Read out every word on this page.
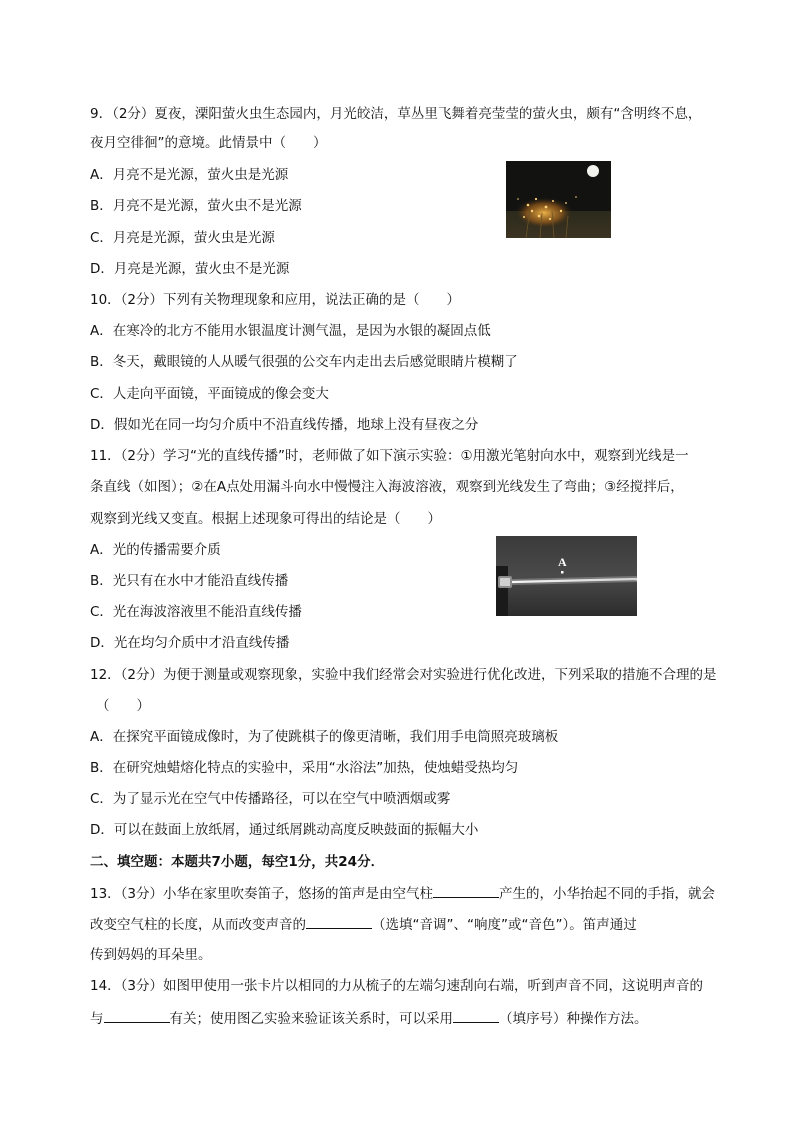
9．（2分）夏夜，溧阳萤火虫生态园内，月光皎洁，草丛里飞舞着亮莹莹的萤火虫，颇有“含明终不息，
夜月空徘徊”的意境。此情景中（　　）
A．月亮不是光源，萤火虫是光源
B．月亮不是光源，萤火虫不是光源
C．月亮是光源，萤火虫是光源
D．月亮是光源，萤火虫不是光源
10．（2分）下列有关物理现象和应用，说法正确的是（　　）
A．在寒冷的北方不能用水银温度计测气温，是因为水银的凝固点低
B．冬天，戴眼镜的人从暖气很强的公交车内走出去后感觉眼睛片模糊了
C．人走向平面镜，平面镜成的像会变大
D．假如光在同一均匀介质中不沿直线传播，地球上没有昼夜之分
11．（2分）学习“光的直线传播”时，老师做了如下演示实验：①用激光笔射向水中，观察到光线是一
条直线（如图）；②在A点处用漏斗向水中慢慢注入海波溶液，观察到光线发生了弯曲；③经搅拌后，
观察到光线又变直。根据上述现象可得出的结论是（　　）
A．光的传播需要介质
B．光只有在水中才能沿直线传播
C．光在海波溶液里不能沿直线传播
D．光在均匀介质中才沿直线传播
A
12．（2分）为便于测量或观察现象，实验中我们经常会对实验进行优化改进，下列采取的措施不合理的是
（　　）
A．在探究平面镜成像时，为了使跳棋子的像更清晰，我们用手电筒照亮玻璃板
B．在研究烛蜡熔化特点的实验中，采用“水浴法”加热，使烛蜡受热均匀
C．为了显示光在空气中传播路径，可以在空气中喷洒烟或雾
D．可以在鼓面上放纸屑，通过纸屑跳动高度反映鼓面的振幅大小
二、填空题：本题共7小题，每空1分，共24分．
13．（3分）小华在家里吹奏笛子，悠扬的笛声是由空气柱	产生的，小华抬起不同的手指，就会
改变空气柱的长度，从而改变声音的	（选填“音调”、“响度”或“音色”）。笛声通过
传到妈妈的耳朵里。
14．（3分）如图甲使用一张卡片以相同的力从梳子的左端匀速刮向右端，听到声音不同，这说明声音的
与	有关；使用图乙实验来验证该关系时，可以采用	（填序号）种操作方法。
